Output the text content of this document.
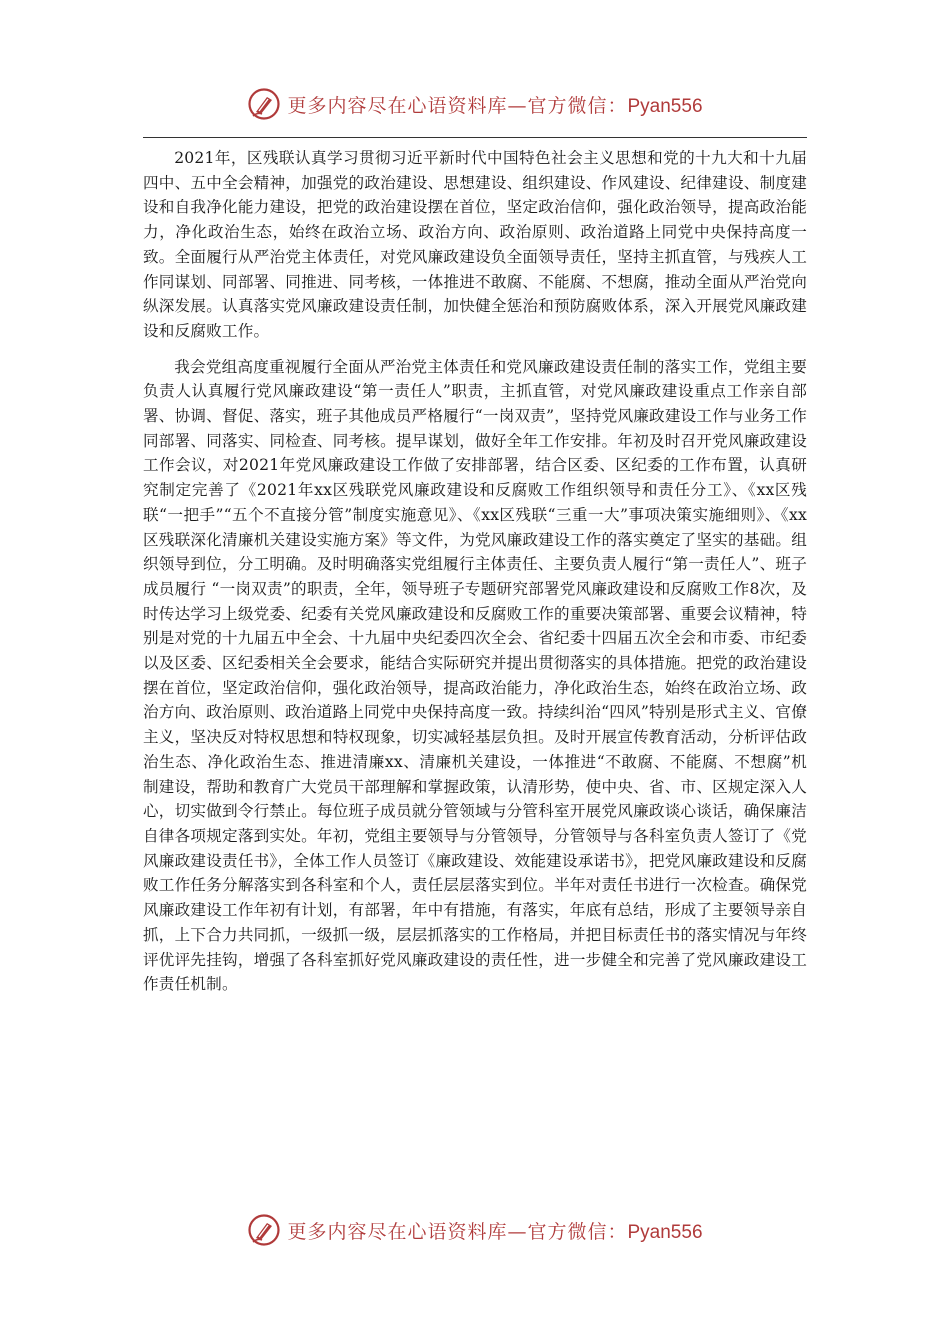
更多内容尽在心语资料库—官方微信：Pyan556

2021年，区残联认真学习贯彻习近平新时代中国特色社会主义思想和党的十九大和十九届四中、五中全会精神，加强党的政治建设、思想建设、组织建设、作风建设、纪律建设、制度建设和自我净化能力建设，把党的政治建设摆在首位，坚定政治信仰，强化政治领导，提高政治能力，净化政治生态，始终在政治立场、政治方向、政治原则、政治道路上同党中央保持高度一致。全面履行从严治党主体责任，对党风廉政建设负全面领导责任，坚持主抓直管，与残疾人工作同谋划、同部署、同推进、同考核，一体推进不敢腐、不能腐、不想腐，推动全面从严治党向纵深发展。认真落实党风廉政建设责任制，加快健全惩治和预防腐败体系，深入开展党风廉政建设和反腐败工作。

我会党组高度重视履行全面从严治党主体责任和党风廉政建设责任制的落实工作，党组主要负责人认真履行党风廉政建设“第一责任人”职责，主抓直管，对党风廉政建设重点工作亲自部署、协调、督促、落实，班子其他成员严格履行“一岗双责”，坚持党风廉政建设工作与业务工作同部署、同落实、同检查、同考核。提早谋划，做好全年工作安排。年初及时召开党风廉政建设工作会议，对2021年党风廉政建设工作做了安排部署，结合区委、区纪委的工作布置，认真研究制定完善了《2021年xx区残联党风廉政建设和反腐败工作组织领导和责任分工》、《xx区残联“一把手”“五个不直接分管”制度实施意见》、《xx区残联“三重一大”事项决策实施细则》、《xx区残联深化清廉机关建设实施方案》等文件，为党风廉政建设工作的落实奠定了坚实的基础。组织领导到位，分工明确。及时明确落实党组履行主体责任、主要负责人履行“第一责任人”、班子成员履行 “一岗双责”的职责，全年，领导班子专题研究部署党风廉政建设和反腐败工作8次，及时传达学习上级党委、纪委有关党风廉政建设和反腐败工作的重要决策部署、重要会议精神，特别是对党的十九届五中全会、十九届中央纪委四次全会、省纪委十四届五次全会和市委、市纪委以及区委、区纪委相关全会要求，能结合实际研究并提出贯彻落实的具体措施。把党的政治建设摆在首位，坚定政治信仰，强化政治领导，提高政治能力，净化政治生态，始终在政治立场、政治方向、政治原则、政治道路上同党中央保持高度一致。持续纠治“四风”特别是形式主义、官僚主义，坚决反对特权思想和特权现象，切实减轻基层负担。及时开展宣传教育活动，分析评估政治生态、净化政治生态、推进清廉xx、清廉机关建设，一体推进“不敢腐、不能腐、不想腐”机制建设，帮助和教育广大党员干部理解和掌握政策，认清形势，使中央、省、市、区规定深入人心，切实做到令行禁止。每位班子成员就分管领域与分管科室开展党风廉政谈心谈话，确保廉洁自律各项规定落到实处。年初，党组主要领导与分管领导，分管领导与各科室负责人签订了《党风廉政建设责任书》，全体工作人员签订《廉政建设、效能建设承诺书》，把党风廉政建设和反腐败工作任务分解落实到各科室和个人，责任层层落实到位。半年对责任书进行一次检查。确保党风廉政建设工作年初有计划，有部署，年中有措施，有落实，年底有总结，形成了主要领导亲自抓，上下合力共同抓，一级抓一级，层层抓落实的工作格局，并把目标责任书的落实情况与年终评优评先挂钩，增强了各科室抓好党风廉政建设的责任性，进一步健全和完善了党风廉政建设工作责任机制。

更多内容尽在心语资料库—官方微信：Pyan556
